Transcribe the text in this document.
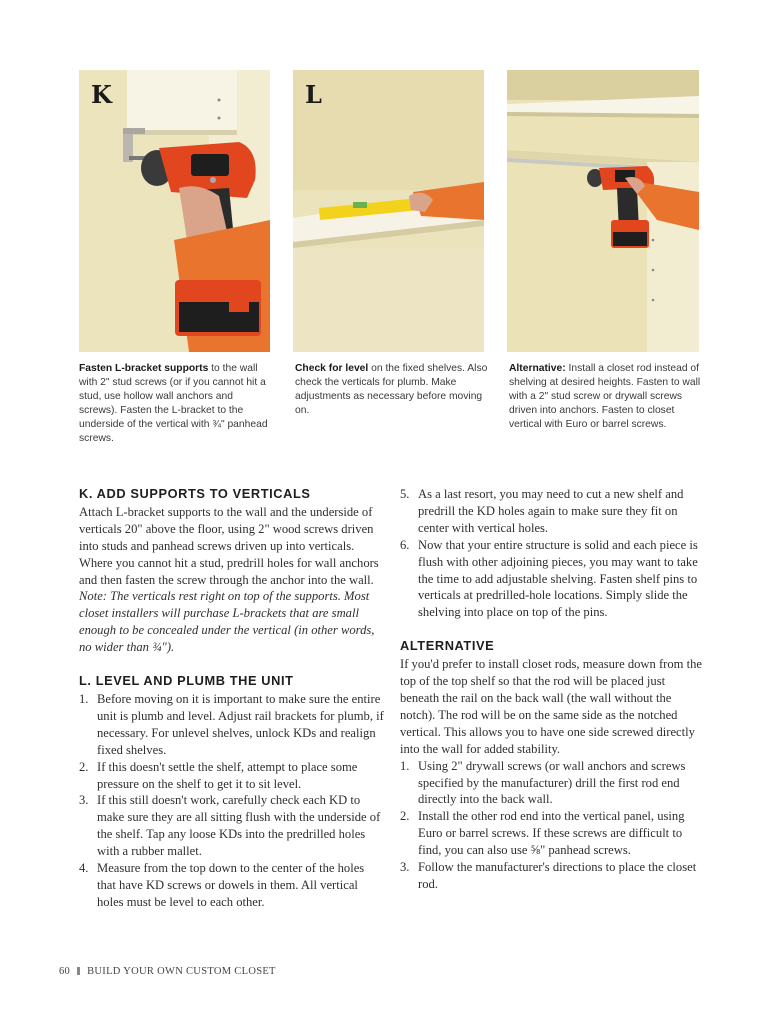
K	L
Fasten L-bracket supports to the wall with 2" stud screws (or if you cannot hit a stud, use hollow wall anchors and screws). Fasten the L-bracket to the underside of the vertical with ¾" panhead screws.
Check for level on the fixed shelves. Also check the verticals for plumb. Make adjustments as necessary before moving on.
Alternative: Install a closet rod instead of shelving at desired heights. Fasten to wall with a 2" stud screw or drywall screws driven into anchors. Fasten to closet vertical with Euro or barrel screws.
K. ADD SUPPORTS TO VERTICALS

Attach L-bracket supports to the wall and the underside of verticals 20" above the floor, using 2" wood screws driven into studs and panhead screws driven up into verticals. Where you cannot hit a stud, predrill holes for wall anchors and then fasten the screw through the anchor into the wall. Note: The verticals rest right on top of the supports. Most closet installers will purchase L-brackets that are small enough to be concealed under the vertical (in other words, no wider than ¾").

L. LEVEL AND PLUMB THE UNIT
1. Before moving on it is important to make sure the entire unit is plumb and level. Adjust rail brackets for plumb, if necessary. For unlevel shelves, unlock KDs and realign fixed shelves.
2. If this doesn't settle the shelf, attempt to place some pressure on the shelf to get it to sit level.
3. If this still doesn't work, carefully check each KD to make sure they are all sitting flush with the underside of the shelf. Tap any loose KDs into the predrilled holes with a rubber mallet.
4. Measure from the top down to the center of the holes that have KD screws or dowels in them. All vertical holes must be level to each other.
5. As a last resort, you may need to cut a new shelf and predrill the KD holes again to make sure they fit on center with vertical holes.
6. Now that your entire structure is solid and each piece is flush with other adjoining pieces, you may want to take the time to add adjustable shelving. Fasten shelf pins to verticals at predrilled-hole locations. Simply slide the shelving into place on top of the pins.
ALTERNATIVE

If you'd prefer to install closet rods, measure down from the top of the top shelf so that the rod will be placed just beneath the rail on the back wall (the wall without the notch). The rod will be on the same side as the notched vertical. This allows you to have one side screwed directly into the wall for added stability.

1. Using 2" drywall screws (or wall anchors and screws specified by the manufacturer) drill the first rod end directly into the back wall.
2. Install the other rod end into the vertical panel, using Euro or barrel screws. If these screws are difficult to find, you can also use ⅝" panhead screws.
3. Follow the manufacturer's directions to place the closet rod.
60 BUILD YOUR OWN CUSTOM CLOSET
